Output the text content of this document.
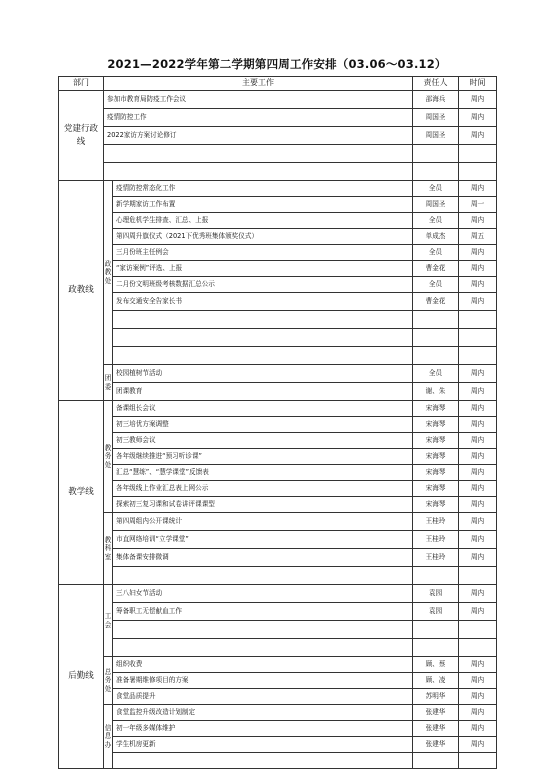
2021—2022学年第二学期第四周工作安排（03.06～03.12）
部门	主要工作		责任人	时间
党建行政线	参加市教育局防疫工作会议		邵海兵	周内
	疫情防控工作		周国圣	周内
	2022家访方案讨论修订		周国圣	周内

政教线	政教处	疫情防控常态化工作	全员	周内
		新学期家访工作布置	周国圣	周一
		心理危机学生排查、汇总、上报	全员	周内
		第四周升旗仪式（2021下优秀班集体颁奖仪式）	单成杰	周五
		三月份班主任例会	全员	周内
		“家访案例”评选、上报	曹金花	周内
		二月份文明班级考核数据汇总公示	全员	周内
		发布交通安全告家长书	曹金花	周内

	团委	校园植树节活动	全员	周内
		团课教育	谢、朱	周内
教学线	教务处	备课组长会议	宋海琴	周内
		初三培优方案调整	宋海琴	周内
		初三教师会议	宋海琴	周内
		各年级继续推进“预习听诊课”	宋海琴	周内
		汇总“慧练”、“慧学课堂”反馈表	宋海琴	周内
		各年级线上作业汇总表上网公示	宋海琴	周内
		探索初三复习课和试卷讲评课课型	宋海琴	周内
	教科室	第四周组内公开课统计	王桂玲	周内
		市直网络培训“立学课堂”	王桂玲	周内
		集体备课安排微调	王桂玲	周内

后勤线	工会	三八妇女节活动	袁园	周内
		筹备职工无偿献血工作	袁园	周内

	总务处	组织收费	顾、蔡	周内
		准备暑期维修项目的方案	顾、凌	周内
		食堂品质提升	苏明华	周内
	信息办	食堂监控升级改造计划制定	张建华	周内
		初一年级多媒体维护	张建华	周内
		学生机房更新	张建华	周内
